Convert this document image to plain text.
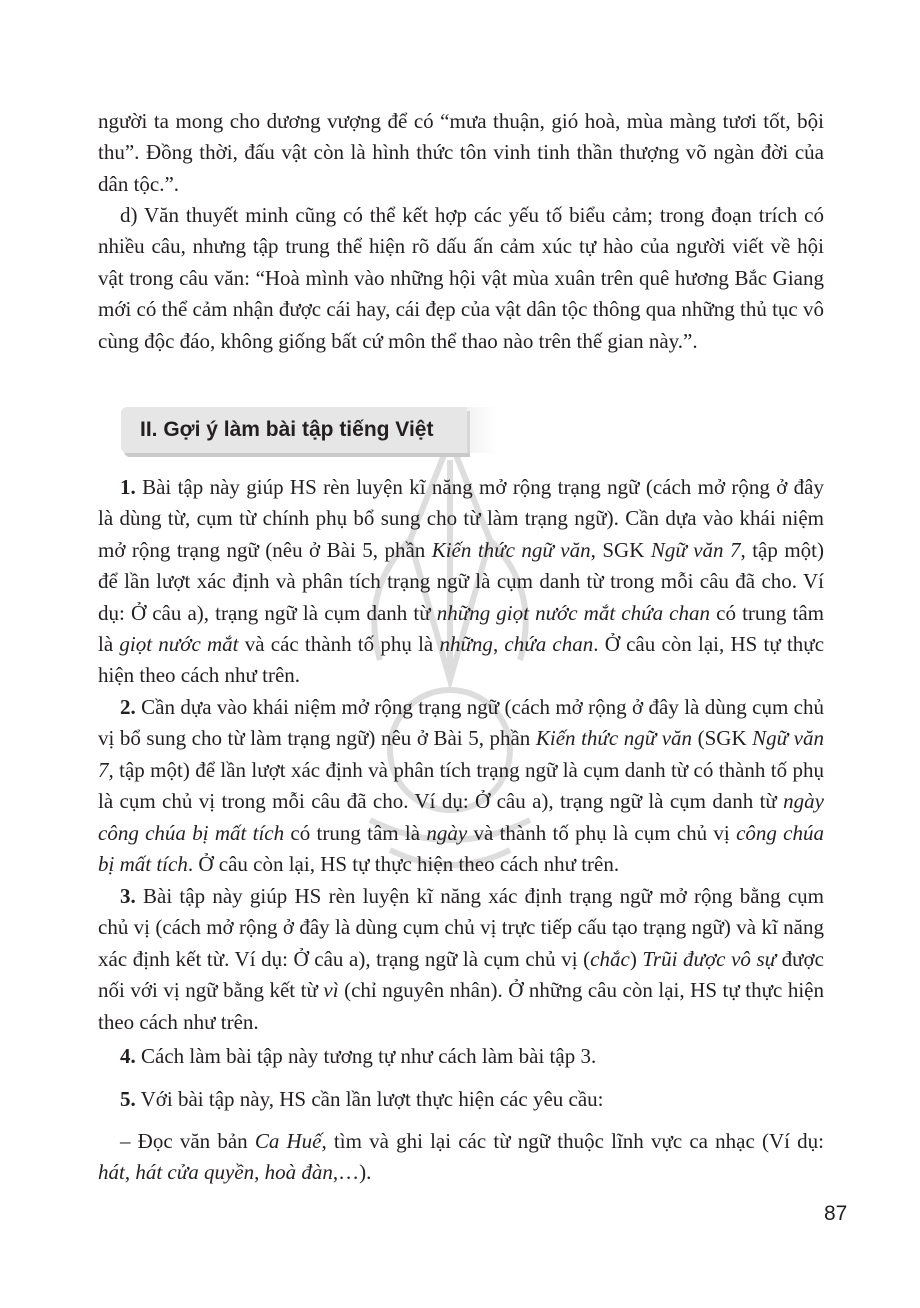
người ta mong cho dương vượng để có “mưa thuận, gió hoà, mùa màng tươi tốt, bội thu”. Đồng thời, đấu vật còn là hình thức tôn vinh tinh thần thượng võ ngàn đời của dân tộc.”.

d) Văn thuyết minh cũng có thể kết hợp các yếu tố biểu cảm; trong đoạn trích có nhiều câu, nhưng tập trung thể hiện rõ dấu ấn cảm xúc tự hào của người viết về hội vật trong câu văn: “Hoà mình vào những hội vật mùa xuân trên quê hương Bắc Giang mới có thể cảm nhận được cái hay, cái đẹp của vật dân tộc thông qua những thủ tục vô cùng độc đáo, không giống bất cứ môn thể thao nào trên thế gian này.”.

II. Gợi ý làm bài tập tiếng Việt

1. Bài tập này giúp HS rèn luyện kĩ năng mở rộng trạng ngữ (cách mở rộng ở đây là dùng từ, cụm từ chính phụ bổ sung cho từ làm trạng ngữ). Cần dựa vào khái niệm mở rộng trạng ngữ (nêu ở Bài 5, phần Kiến thức ngữ văn, SGK Ngữ văn 7, tập một) để lần lượt xác định và phân tích trạng ngữ là cụm danh từ trong mỗi câu đã cho. Ví dụ: Ở câu a), trạng ngữ là cụm danh từ những giọt nước mắt chứa chan có trung tâm là giọt nước mắt và các thành tố phụ là những, chứa chan. Ở câu còn lại, HS tự thực hiện theo cách như trên.

2. Cần dựa vào khái niệm mở rộng trạng ngữ (cách mở rộng ở đây là dùng cụm chủ vị bổ sung cho từ làm trạng ngữ) nêu ở Bài 5, phần Kiến thức ngữ văn (SGK Ngữ văn 7, tập một) để lần lượt xác định và phân tích trạng ngữ là cụm danh từ có thành tố phụ là cụm chủ vị trong mỗi câu đã cho. Ví dụ: Ở câu a), trạng ngữ là cụm danh từ ngày công chúa bị mất tích có trung tâm là ngày và thành tố phụ là cụm chủ vị công chúa bị mất tích. Ở câu còn lại, HS tự thực hiện theo cách như trên.

3. Bài tập này giúp HS rèn luyện kĩ năng xác định trạng ngữ mở rộng bằng cụm chủ vị (cách mở rộng ở đây là dùng cụm chủ vị trực tiếp cấu tạo trạng ngữ) và kĩ năng xác định kết từ. Ví dụ: Ở câu a), trạng ngữ là cụm chủ vị (chắc) Trũi được vô sự được nối với vị ngữ bằng kết từ vì (chỉ nguyên nhân). Ở những câu còn lại, HS tự thực hiện theo cách như trên.

4. Cách làm bài tập này tương tự như cách làm bài tập 3.

5. Với bài tập này, HS cần lần lượt thực hiện các yêu cầu:

– Đọc văn bản Ca Huế, tìm và ghi lại các từ ngữ thuộc lĩnh vực ca nhạc (Ví dụ: hát, hát cửa quyền, hoà đàn,…).

87
